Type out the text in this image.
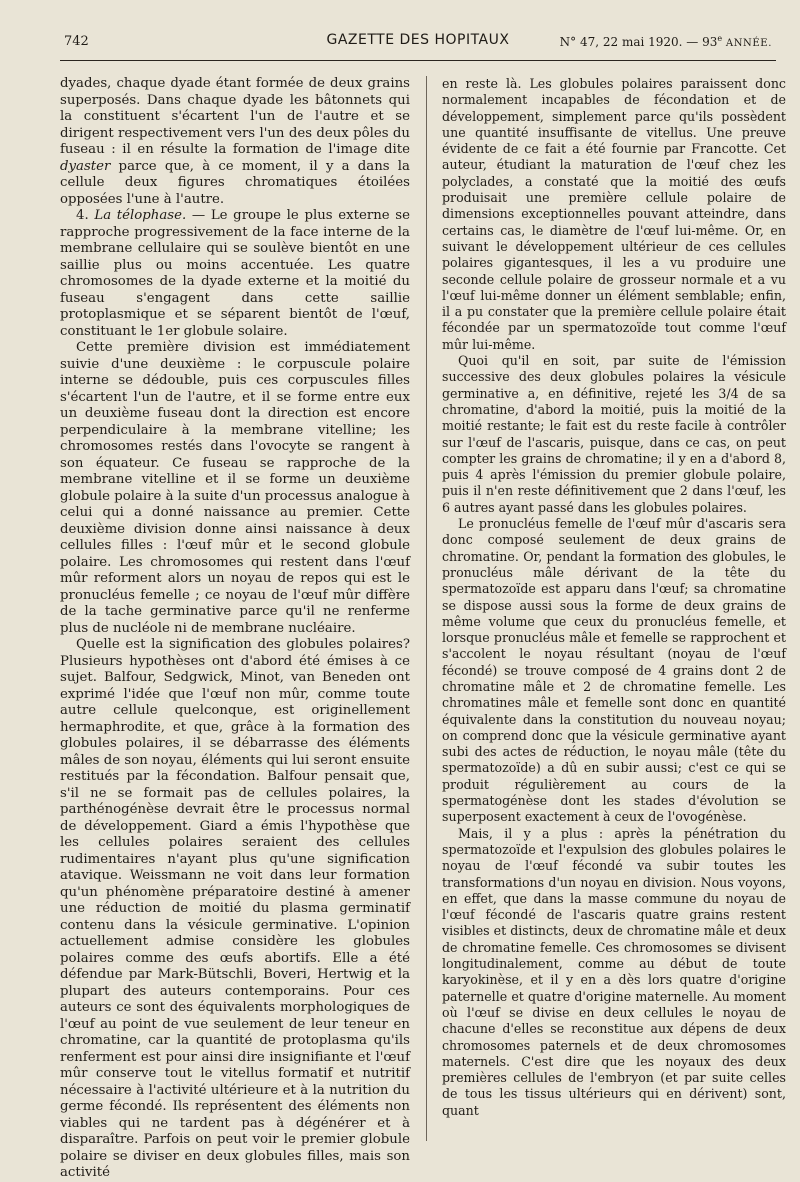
742	GAZETTE DES HOPITAUX	N° 47, 22 mai 1920. — 93e ANNÉE.

dyades, chaque dyade étant formée de deux grains superposés. Dans chaque dyade les bâtonnets qui la constituent s'écartent l'un de l'autre et se dirigent respectivement vers l'un des deux pôles du fuseau : il en résulte la formation de l'image dite dyaster parce que, à ce moment, il y a dans la cellule deux figures chromatiques étoilées opposées l'une à l'autre.

4. La télophase. — Le groupe le plus externe se rapproche progressivement de la face interne de la membrane cellulaire qui se soulève bientôt en une saillie plus ou moins accentuée. Les quatre chromosomes de la dyade externe et la moitié du fuseau s'engagent dans cette saillie protoplasmique et se séparent bientôt de l'œuf, constituant le 1er globule solaire.

Cette première division est immédiatement suivie d'une deuxième : le corpuscule polaire interne se dédouble, puis ces corpuscules filles s'écartent l'un de l'autre, et il se forme entre eux un deuxième fuseau dont la direction est encore perpendiculaire à la membrane vitelline; les chromosomes restés dans l'ovocyte se rangent à son équateur. Ce fuseau se rapproche de la membrane vitelline et il se forme un deuxième globule polaire à la suite d'un processus analogue à celui qui a donné naissance au premier. Cette deuxième division donne ainsi naissance à deux cellules filles : l'œuf mûr et le second globule polaire. Les chromosomes qui restent dans l'œuf mûr reforment alors un noyau de repos qui est le pronucléus femelle ; ce noyau de l'œuf mûr diffère de la tache germinative parce qu'il ne renferme plus de nucléole ni de membrane nucléaire.

Quelle est la signification des globules polaires? Plusieurs hypothèses ont d'abord été émises à ce sujet. Balfour, Sedgwick, Minot, van Beneden ont exprimé l'idée que l'œuf non mûr, comme toute autre cellule quelconque, est originellement hermaphrodite, et que, grâce à la formation des globules polaires, il se débarrasse des éléments mâles de son noyau, éléments qui lui seront ensuite restitués par la fécondation. Balfour pensait que, s'il ne se formait pas de cellules polaires, la parthénogénèse devrait être le processus normal de développement. Giard a émis l'hypothèse que les cellules polaires seraient des cellules rudimentaires n'ayant plus qu'une signification atavique. Weissmann ne voit dans leur formation qu'un phénomène préparatoire destiné à amener une réduction de moitié du plasma germinatif contenu dans la vésicule germinative. L'opinion actuellement admise considère les globules polaires comme des œufs abortifs. Elle a été défendue par Mark-Bütschli, Boveri, Hertwig et la plupart des auteurs contemporains. Pour ces auteurs ce sont des équivalents morphologiques de l'œuf au point de vue seulement de leur teneur en chromatine, car la quantité de protoplasma qu'ils renferment est pour ainsi dire insignifiante et l'œuf mûr conserve tout le vitellus formatif et nutritif nécessaire à l'activité ultérieure et à la nutrition du germe fécondé. Ils représentent des éléments non viables qui ne tardent pas à dégénérer et à disparaître. Parfois on peut voir le premier globule polaire se diviser en deux globules filles, mais son activité

en reste là. Les globules polaires paraissent donc normalement incapables de fécondation et de développement, simplement parce qu'ils possèdent une quantité insuffisante de vitellus. Une preuve évidente de ce fait a été fournie par Francotte. Cet auteur, étudiant la maturation de l'œuf chez les polyclades, a constaté que la moitié des œufs produisait une première cellule polaire de dimensions exceptionnelles pouvant atteindre, dans certains cas, le diamètre de l'œuf lui-même. Or, en suivant le développement ultérieur de ces cellules polaires gigantesques, il les a vu produire une seconde cellule polaire de grosseur normale et a vu l'œuf lui-même donner un élément semblable; enfin, il a pu constater que la première cellule polaire était fécondée par un spermatozoïde tout comme l'œuf mûr lui-même.

Quoi qu'il en soit, par suite de l'émission successive des deux globules polaires la vésicule germinative a, en définitive, rejeté les 3/4 de sa chromatine, d'abord la moitié, puis la moitié de la moitié restante; le fait est du reste facile à contrôler sur l'œuf de l'ascaris, puisque, dans ce cas, on peut compter les grains de chromatine; il y en a d'abord 8, puis 4 après l'émission du premier globule polaire, puis il n'en reste définitivement que 2 dans l'œuf, les 6 autres ayant passé dans les globules polaires.

Le pronucléus femelle de l'œuf mûr d'ascaris sera donc composé seulement de deux grains de chromatine. Or, pendant la formation des globules, le pronucléus mâle dérivant de la tête du spermatozoïde est apparu dans l'œuf; sa chromatine se dispose aussi sous la forme de deux grains de même volume que ceux du pronucléus femelle, et lorsque pronucléus mâle et femelle se rapprochent et s'accolent le noyau résultant (noyau de l'œuf fécondé) se trouve composé de 4 grains dont 2 de chromatine mâle et 2 de chromatine femelle. Les chromatines mâle et femelle sont donc en quantité équivalente dans la constitution du nouveau noyau; on comprend donc que la vésicule germinative ayant subi des actes de réduction, le noyau mâle (tête du spermatozoïde) a dû en subir aussi; c'est ce qui se produit régulièrement au cours de la spermatogénèse dont les stades d'évolution se superposent exactement à ceux de l'ovogénèse.

Mais, il y a plus : après la pénétration du spermatozoïde et l'expulsion des globules polaires le noyau de l'œuf fécondé va subir toutes les transformations d'un noyau en division. Nous voyons, en effet, que dans la masse commune du noyau de l'œuf fécondé de l'ascaris quatre grains restent visibles et distincts, deux de chromatine mâle et deux de chromatine femelle. Ces chromosomes se divisent longitudinalement, comme au début de toute karyokinèse, et il y en a dès lors quatre d'origine paternelle et quatre d'origine maternelle. Au moment où l'œuf se divise en deux cellules le noyau de chacune d'elles se reconstitue aux dépens de deux chromosomes paternels et de deux chromosomes maternels. C'est dire que les noyaux des deux premières cellules de l'embryon (et par suite celles de tous les tissus ultérieurs qui en dérivent) sont, quant
